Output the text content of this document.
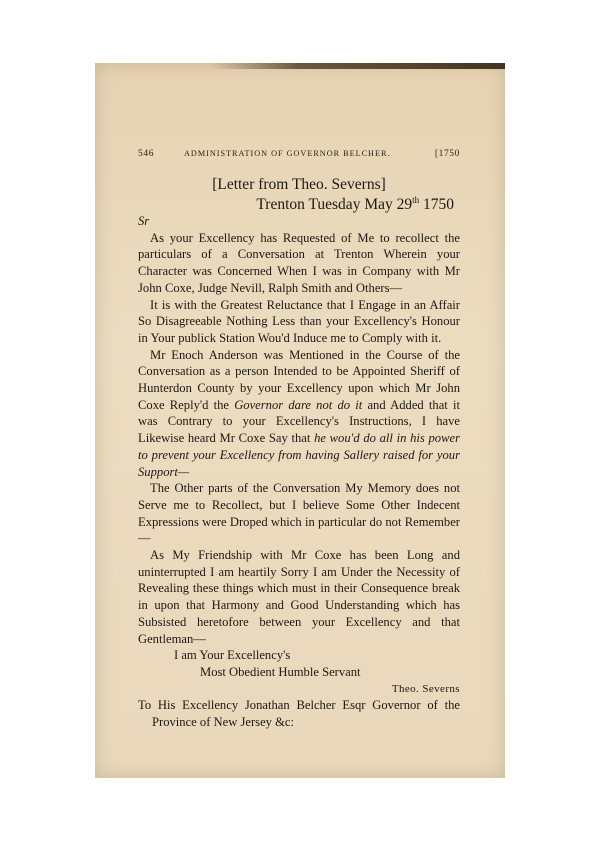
546	ADMINISTRATION OF GOVERNOR BELCHER.	[1750
[Letter from Theo. Severns]
Trenton Tuesday May 29th 1750

Sr

As your Excellency has Requested of Me to recollect the particulars of a Conversation at Trenton Wherein your Character was Concerned When I was in Company with Mr John Coxe, Judge Nevill, Ralph Smith and Others—

It is with the Greatest Reluctance that I Engage in an Affair So Disagreeable Nothing Less than your Excellency's Honour in Your publick Station Wou'd Induce me to Comply with it.

Mr Enoch Anderson was Mentioned in the Course of the Conversation as a person Intended to be Appointed Sheriff of Hunterdon County by your Excellency upon which Mr John Coxe Reply'd the Governor dare not do it and Added that it was Contrary to your Excellency's Instructions, I have Likewise heard Mr Coxe Say that he wou'd do all in his power to prevent your Excellency from having Sallery raised for your Support—

The Other parts of the Conversation My Memory does not Serve me to Recollect, but I believe Some Other Indecent Expressions were Droped which in particular do not Remember—

As My Friendship with Mr Coxe has been Long and uninterrupted I am heartily Sorry I am Under the Necessity of Revealing these things which must in their Consequence break in upon that Harmony and Good Understanding which has Subsisted heretofore between your Excellency and that Gentleman—

I am Your Excellency's

Most Obedient Humble Servant

Theo. Severns

To His Excellency Jonathan Belcher Esqr Governor of the Province of New Jersey &c:
